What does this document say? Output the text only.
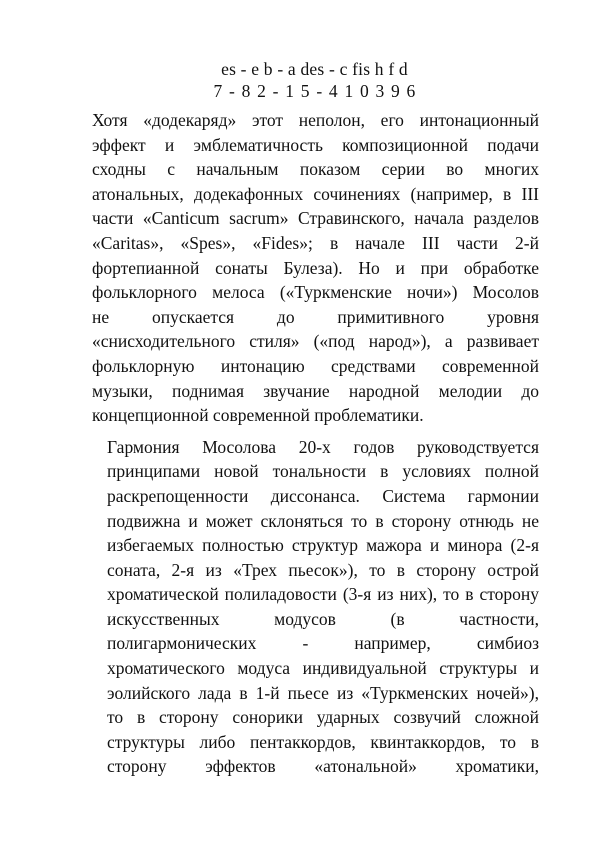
es - e b - a des - c fis h f d
7 - 8 2 - 1 5 - 4 1 0 3 9 6

Хотя «додекаряд» этот неполон, его интонационный
эффект и эмблематичность композиционной подачи
сходны с начальным показом серии во многих
атональных, додекафонных сочинениях (например, в III
части «Canticum sacrum» Стравинского, начала разделов
«Caritas», «Spes», «Fides»; в начале III части 2-й
фортепианной сонаты Булеза). Но и при обработке
фольклорного мелоса («Туркменские ночи») Мосолов
не опускается до примитивного уровня
«снисходительного стиля» («под народ»), а развивает
фольклорную интонацию средствами современной
музыки, поднимая звучание народной мелодии до
концепционной современной проблематики.

Гармония Мосолова 20-х годов руководствуется
принципами новой тональности в условиях полной
раскрепощенности диссонанса. Система гармонии
подвижна и может склоняться то в сторону отнюдь не
избегаемых полностью структур мажора и минора (2-я
соната, 2-я из «Трех пьесок»), то в сторону острой
хроматической полиладовости (3-я из них), то в сторону
искусственных модусов (в частности,
полигармонических - например, симбиоз
хроматического модуса индивидуальной структуры и
эолийского лада в 1-й пьесе из «Туркменских ночей»),
то в сторону сонорики ударных созвучий сложной
структуры либо пентаккордов, квинтаккордов, то в
сторону эффектов «атональной» хроматики,
